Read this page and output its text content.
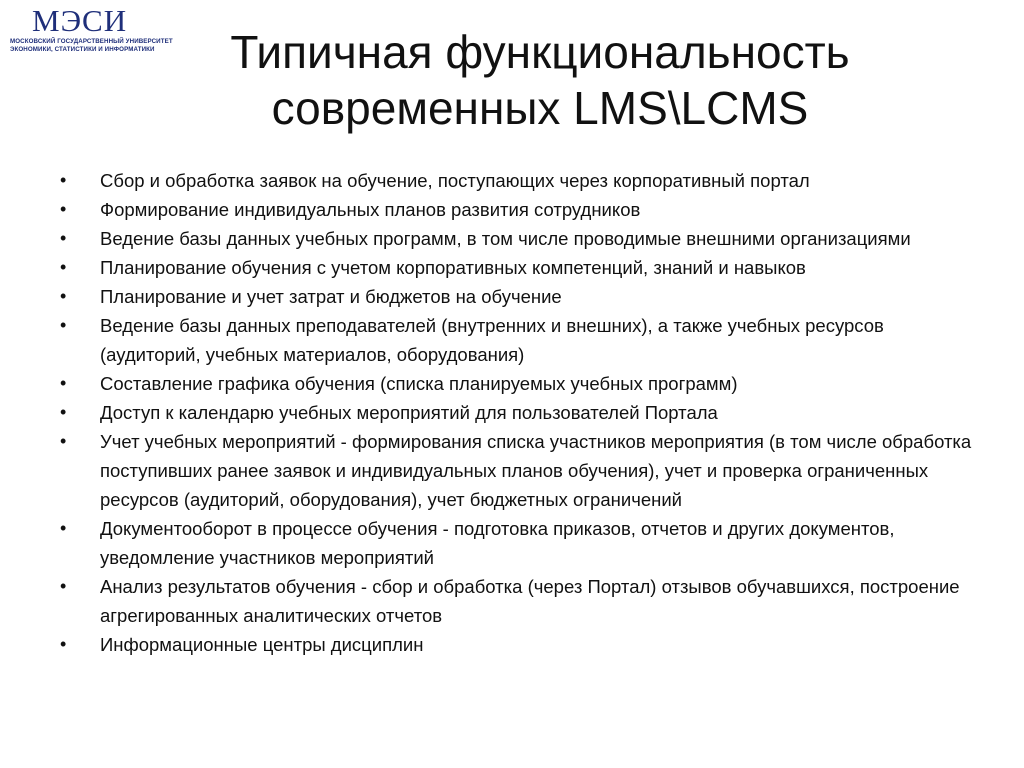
МЭСИ
МОСКОВСКИЙ ГОСУДАРСТВЕННЫЙ УНИВЕРСИТЕТ
ЭКОНОМИКИ, СТАТИСТИКИ И ИНФОРМАТИКИ	Типичная функциональность
современных LMS\LCMS
•	Сбор и обработка заявок на обучение, поступающих через корпоративный портал
•	Формирование индивидуальных планов развития сотрудников
•	Ведение базы данных учебных программ, в том числе проводимые внешними организациями
•	Планирование обучения с учетом корпоративных компетенций, знаний и навыков
•	Планирование и учет затрат и бюджетов на обучение
•	Ведение базы данных преподавателей (внутренних и внешних), а также учебных ресурсов (аудиторий, учебных материалов, оборудования)
•	Составление графика обучения (списка планируемых учебных программ)
•	Доступ к календарю учебных мероприятий для пользователей Портала
•	Учет учебных мероприятий - формирования списка участников мероприятия (в том числе обработка поступивших ранее заявок и индивидуальных планов обучения), учет и проверка ограниченных ресурсов (аудиторий, оборудования), учет бюджетных ограничений
•	Документооборот в процессе обучения - подготовка приказов, отчетов и других документов, уведомление участников мероприятий
•	Анализ результатов обучения - сбор и обработка (через Портал) отзывов обучавшихся, построение агрегированных аналитических отчетов
•	Информационные центры дисциплин
